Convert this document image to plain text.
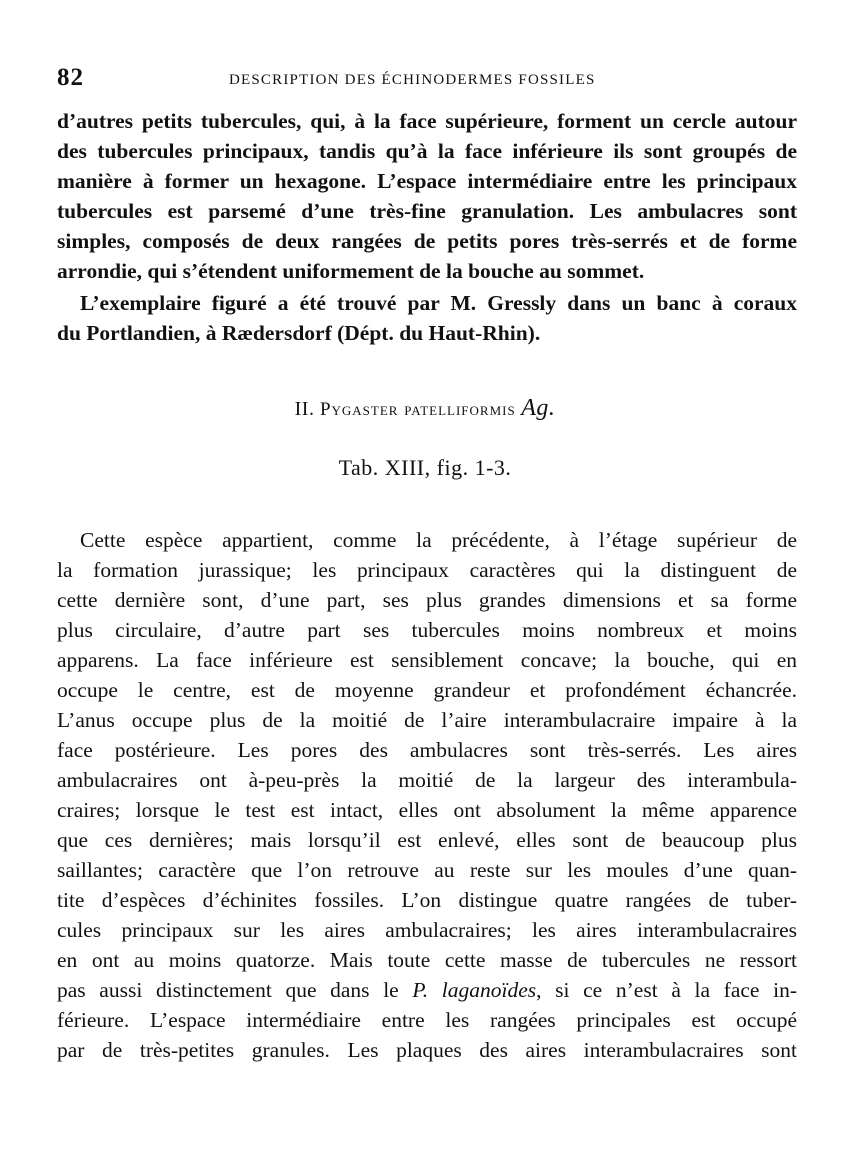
82	DESCRIPTION DES ÉCHINODERMES FOSSILES
d’autres petits tubercules, qui, à la face supérieure, forment un cercle autour
des tubercules principaux, tandis qu’à la face inférieure ils sont groupés de
manière à former un hexagone. L’espace intermédiaire entre les principaux
tubercules est parsemé d’une très-fine granulation. Les ambulacres sont
simples, composés de deux rangées de petits pores très-serrés et de forme
arrondie, qui s’étendent uniformement de la bouche au sommet.
L’exemplaire figuré a été trouvé par M. Gressly dans un banc à coraux
du Portlandien, à Rædersdorf (Dépt. du Haut-Rhin).
II. Pygaster patelliformis Ag.
Tab. XIII, fig. 1-3.
Cette espèce appartient, comme la précédente, à l’étage supérieur de
la formation jurassique; les principaux caractères qui la distinguent de
cette dernière sont, d’une part, ses plus grandes dimensions et sa forme
plus circulaire, d’autre part ses tubercules moins nombreux et moins
apparens. La face inférieure est sensiblement concave; la bouche, qui en
occupe le centre, est de moyenne grandeur et profondément échancrée.
L’anus occupe plus de la moitié de l’aire interambulacraire impaire à la
face postérieure. Les pores des ambulacres sont très-serrés. Les aires
ambulacraires ont à-peu-près la moitié de la largeur des interambula-
craires; lorsque le test est intact, elles ont absolument la même apparence
que ces dernières; mais lorsqu’il est enlevé, elles sont de beaucoup plus
saillantes; caractère que l’on retrouve au reste sur les moules d’une quan-
tite d’espèces d’échinites fossiles. L’on distingue quatre rangées de tuber-
cules principaux sur les aires ambulacraires; les aires interambulacraires
en ont au moins quatorze. Mais toute cette masse de tubercules ne ressort
pas aussi distinctement que dans le P. laganoïdes, si ce n’est à la face in-
férieure. L’espace intermédiaire entre les rangées principales est occupé
par de très-petites granules. Les plaques des aires interambulacraires sont
